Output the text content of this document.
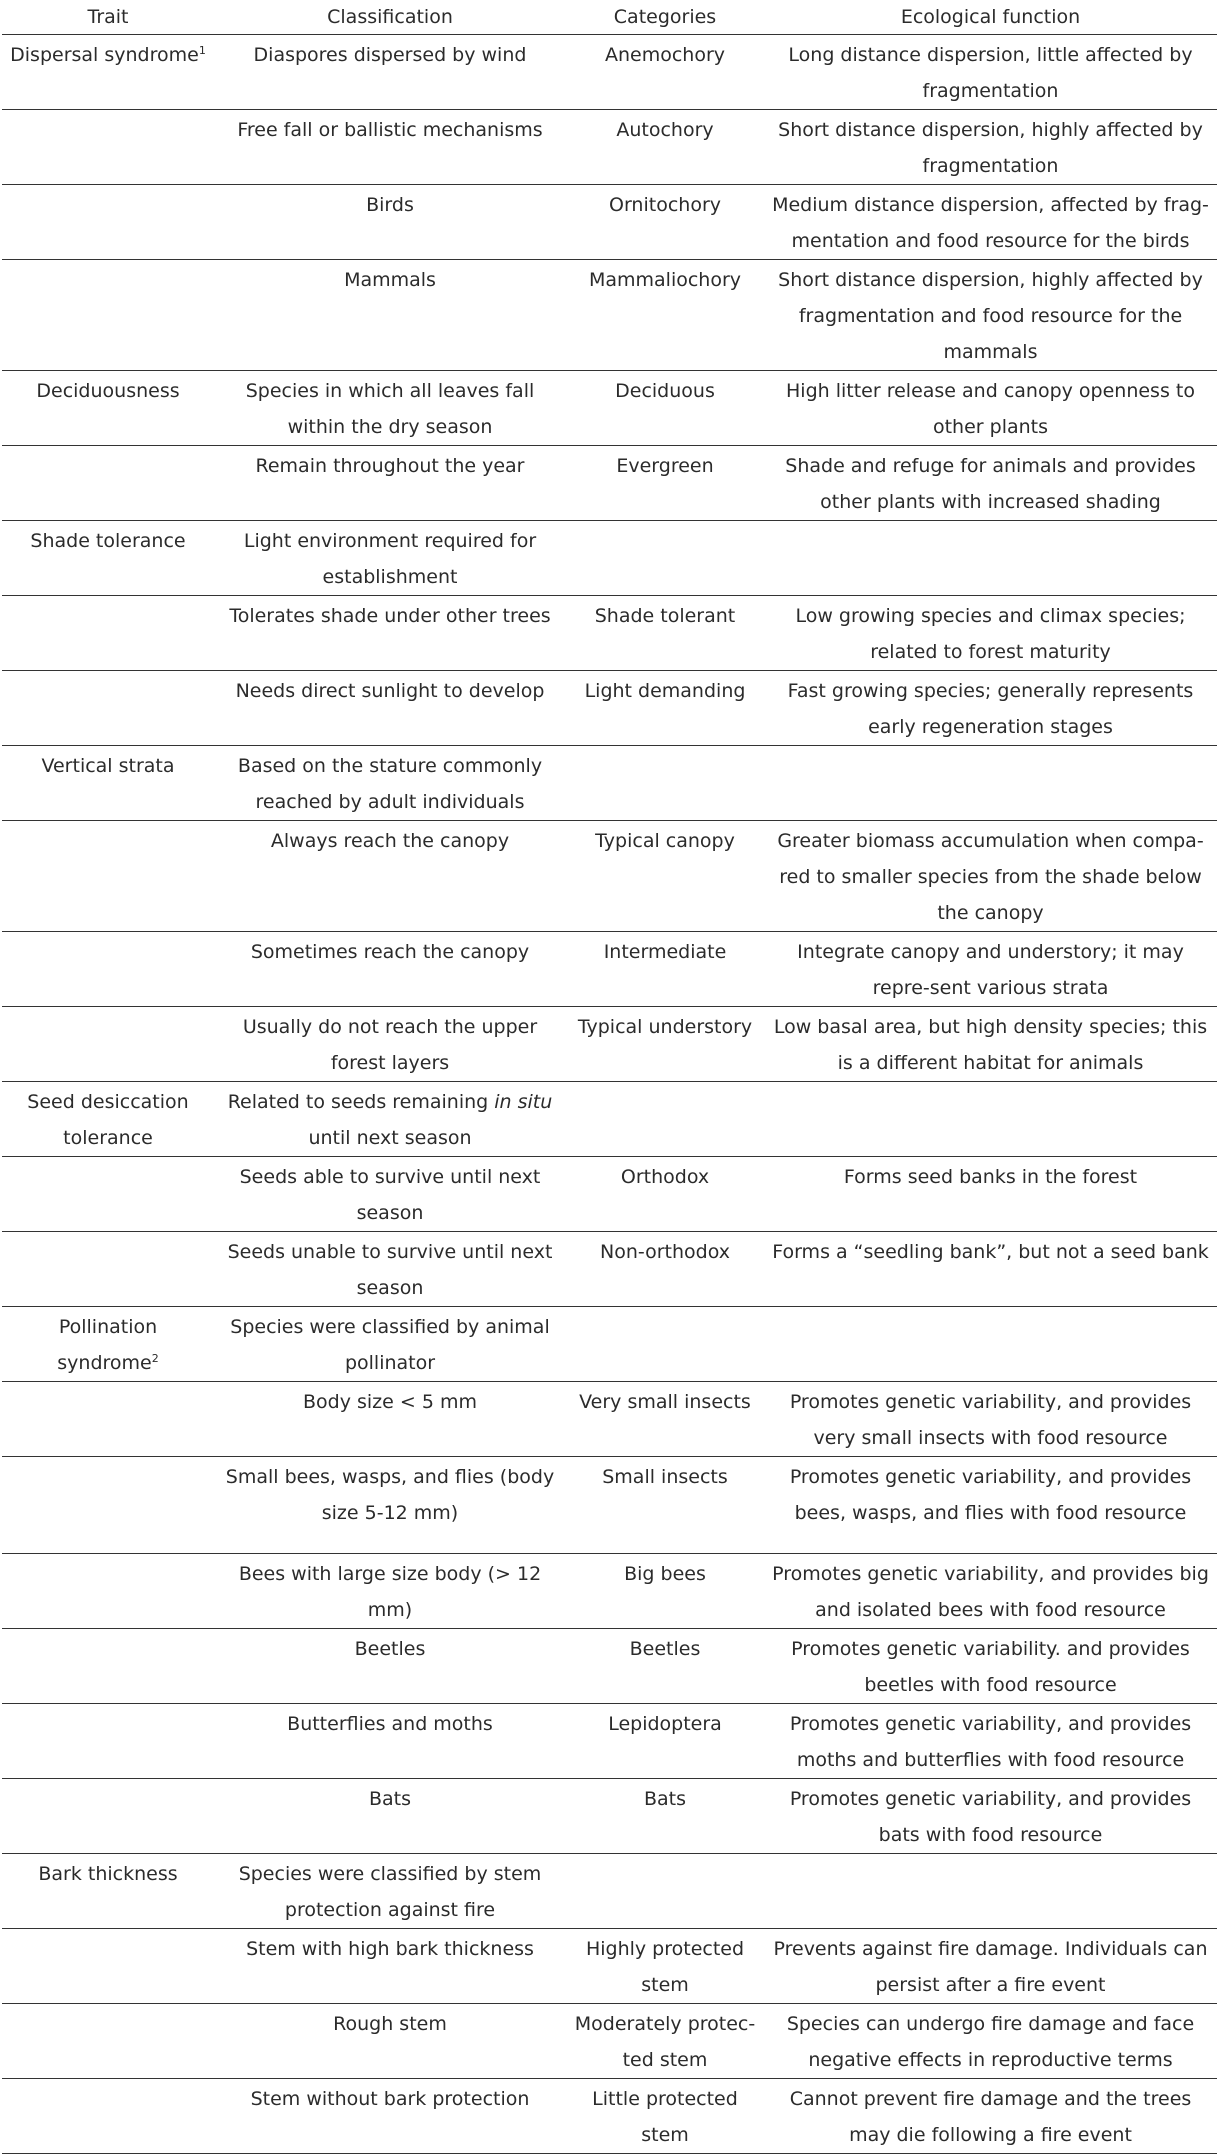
Trait	Classification	Categories	Ecological function
Dispersal syndrome$^1$	Diaspores dispersed by wind	Anemochory	Long distance dispersion, little affected by fragmentation
	Free fall or ballistic mechanisms	Autochory	Short distance dispersion, highly affected by fragmentation
	Birds	Ornitochory	Medium distance dispersion, affected by frag-mentation and food resource for the birds
	Mammals	Mammaliochory	Short distance dispersion, highly affected by fragmentation and food resource for the mammals
Deciduousness	Species in which all leaves fall within the dry season	Deciduous	High litter release and canopy openness to other plants
	Remain throughout the year	Evergreen	Shade and refuge for animals and provides other plants with increased shading
Shade tolerance	Light environment required for establishment		
	Tolerates shade under other trees	Shade tolerant	Low growing species and climax species; related to forest maturity
	Needs direct sunlight to develop	Light demanding	Fast growing species; generally represents early regeneration stages
Vertical strata	Based on the stature commonly reached by adult individuals		
	Always reach the canopy	Typical canopy	Greater biomass accumulation when compa-red to smaller species from the shade below the canopy
	Sometimes reach the canopy	Intermediate	Integrate canopy and understory; it may repre-sent various strata
	Usually do not reach the upper forest layers	Typical understory	Low basal area, but high density species; this is a different habitat for animals
Seed desiccation tolerance	Related to seeds remaining in situ until next season		
	Seeds able to survive until next season	Orthodox	Forms seed banks in the forest
	Seeds unable to survive until next season	Non-orthodox	Forms a “seedling bank”, but not a seed bank
Pollination syndrome$^2$	Species were classified by animal pollinator		
	Body size < 5 mm	Very small insects	Promotes genetic variability, and provides very small insects with food resource
	Small bees, wasps, and flies (body size 5-12 mm)	Small insects	Promotes genetic variability, and provides bees, wasps, and flies with food resource
	Bees with large size body (> 12 mm)	Big bees	Promotes genetic variability, and provides big and isolated bees with food resource
	Beetles	Beetles	Promotes genetic variability. and provides beetles with food resource
	Butterflies and moths	Lepidoptera	Promotes genetic variability, and provides moths and butterflies with food resource
	Bats	Bats	Promotes genetic variability, and provides bats with food resource
Bark thickness	Species were classified by stem protection against fire		
	Stem with high bark thickness	Highly protected stem	Prevents against fire damage. Individuals can persist after a fire event
	Rough stem	Moderately protec-ted stem	Species can undergo fire damage and face negative effects in reproductive terms
	Stem without bark protection	Little protected stem	Cannot prevent fire damage and the trees may die following a fire event
